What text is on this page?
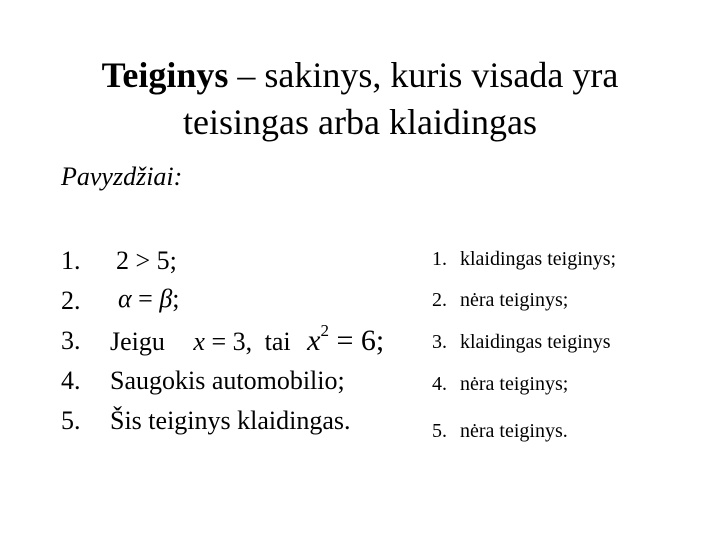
Teiginys – sakinys, kuris visada yra
teisingas arba klaidingas
Pavyzdžiai:
1.
2.
3.
4.
5.
2 > 5;
α = β;
Jeigu x = 3, tai $x^2 = 6$;
Saugokis automobilio;
Šis teiginys klaidingas.
1. klaidingas teiginys;
2. nėra teiginys;
3. klaidingas teiginys
4. nėra teiginys;
5. nėra teiginys.
